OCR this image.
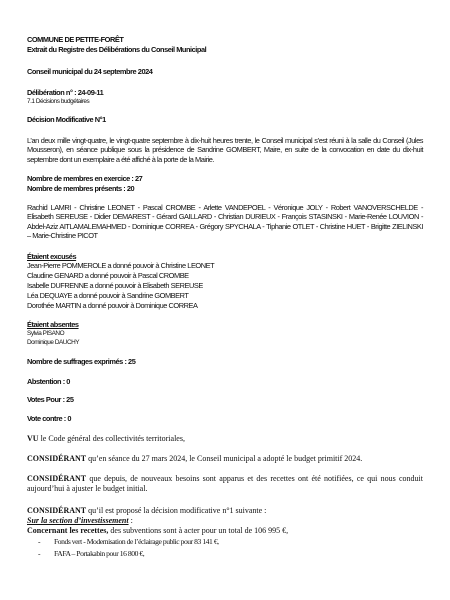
COMMUNE DE PETITE-FORÊT
Extrait du Registre des Délibérations du Conseil Municipal
Conseil municipal du 24 septembre 2024
Délibération n° : 24-09-11
7.1 Décisions budgétaires
Décision Modificative N°1
L’an deux mille vingt-quatre, le vingt-quatre septembre à dix-huit heures trente, le Conseil municipal s’est réuni à la salle du Conseil (Jules Mousseron), en séance publique sous la présidence de Sandrine GOMBERT, Maire, en suite de la convocation en date du dix-huit septembre dont un exemplaire a été affiché à la porte de la Mairie.
Nombre de membres en exercice : 27
Nombre de membres présents : 20
Rachid LAMRI - Christine LEONET - Pascal CROMBE - Arlette VANDEPOEL - Véronique JOLY - Robert VANOVERSCHELDE - Elisabeth SEREUSE - Didier DEMAREST - Gérard GAILLARD - Christian DURIEUX - François STASINSKI - Marie-Renée LOUVION - Abdel-Aziz AITLAMALEMAHMED - Dominique CORREA - Grégory SPYCHALA - Tiphanie OTLET - Christine HUET - Brigitte ZIELINSKI – Marie-Christine PICOT
Étaient excusés
Jean-Pierre POMMEROLE a donné pouvoir à Christine LEONET
Claudine GENARD a donné pouvoir à Pascal CROMBE
Isabelle DUFRENNE a donné pouvoir à Elisabeth SEREUSE
Léa DEQUAYE a donné pouvoir à Sandrine GOMBERT
Dorothée MARTIN a donné pouvoir à Dominique CORREA
Étaient absentes
Sylvia PISANO
Dominique DAUCHY
Nombre de suffrages exprimés : 25
Abstention : 0
Votes Pour : 25
Vote contre : 0
VU le Code général des collectivités territoriales,
CONSIDÉRANT qu’en séance du 27 mars 2024, le Conseil municipal a adopté le budget primitif 2024.
CONSIDÉRANT que depuis, de nouveaux besoins sont apparus et des recettes ont été notifiées, ce qui nous conduit aujourd’hui à ajuster le budget initial.
CONSIDÉRANT qu’il est proposé la décision modificative n°1 suivante :
Sur la section d’investissement :
Concernant les recettes, des subventions sont à acter pour un total de 106 995 €,
- Fonds vert - Modernisation de l’éclairage public pour 83 141 €,
- FAFA – Portakabin pour 16 800 €,
